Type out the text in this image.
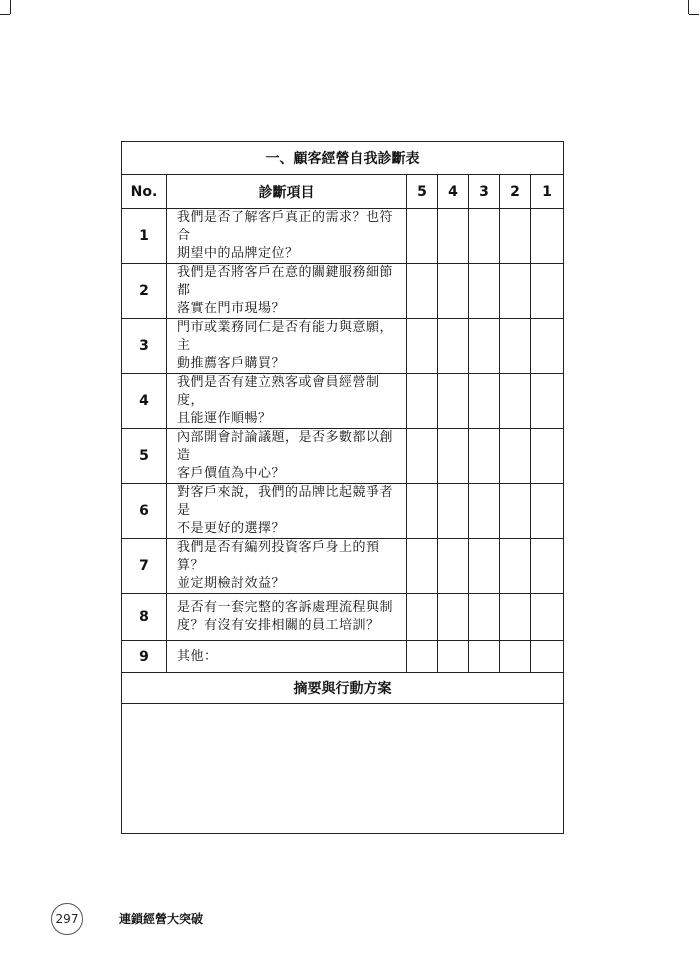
一、顧客經營自我診斷表						
No.	診斷項目	5	4	3	2	1
1	我們是否了解客戶真正的需求？也符合
期望中的品牌定位？					

2	我們是否將客戶在意的關鍵服務細節都
落實在門市現場？					

3	門市或業務同仁是否有能力與意願，主
動推薦客戶購買？					

4	我們是否有建立熟客或會員經營制度，
且能運作順暢？					

5	內部開會討論議題，是否多數都以創造
客戶價值為中心？					

6	對客戶來說，我們的品牌比起競爭者是
不是更好的選擇？					

7	我們是否有編列投資客戶身上的預算？
並定期檢討效益？					

8	是否有一套完整的客訴處理流程與制
度？有沒有安排相關的員工培訓？					

9	其他：					

摘要與行動方案						

297	連鎖經營大突破
